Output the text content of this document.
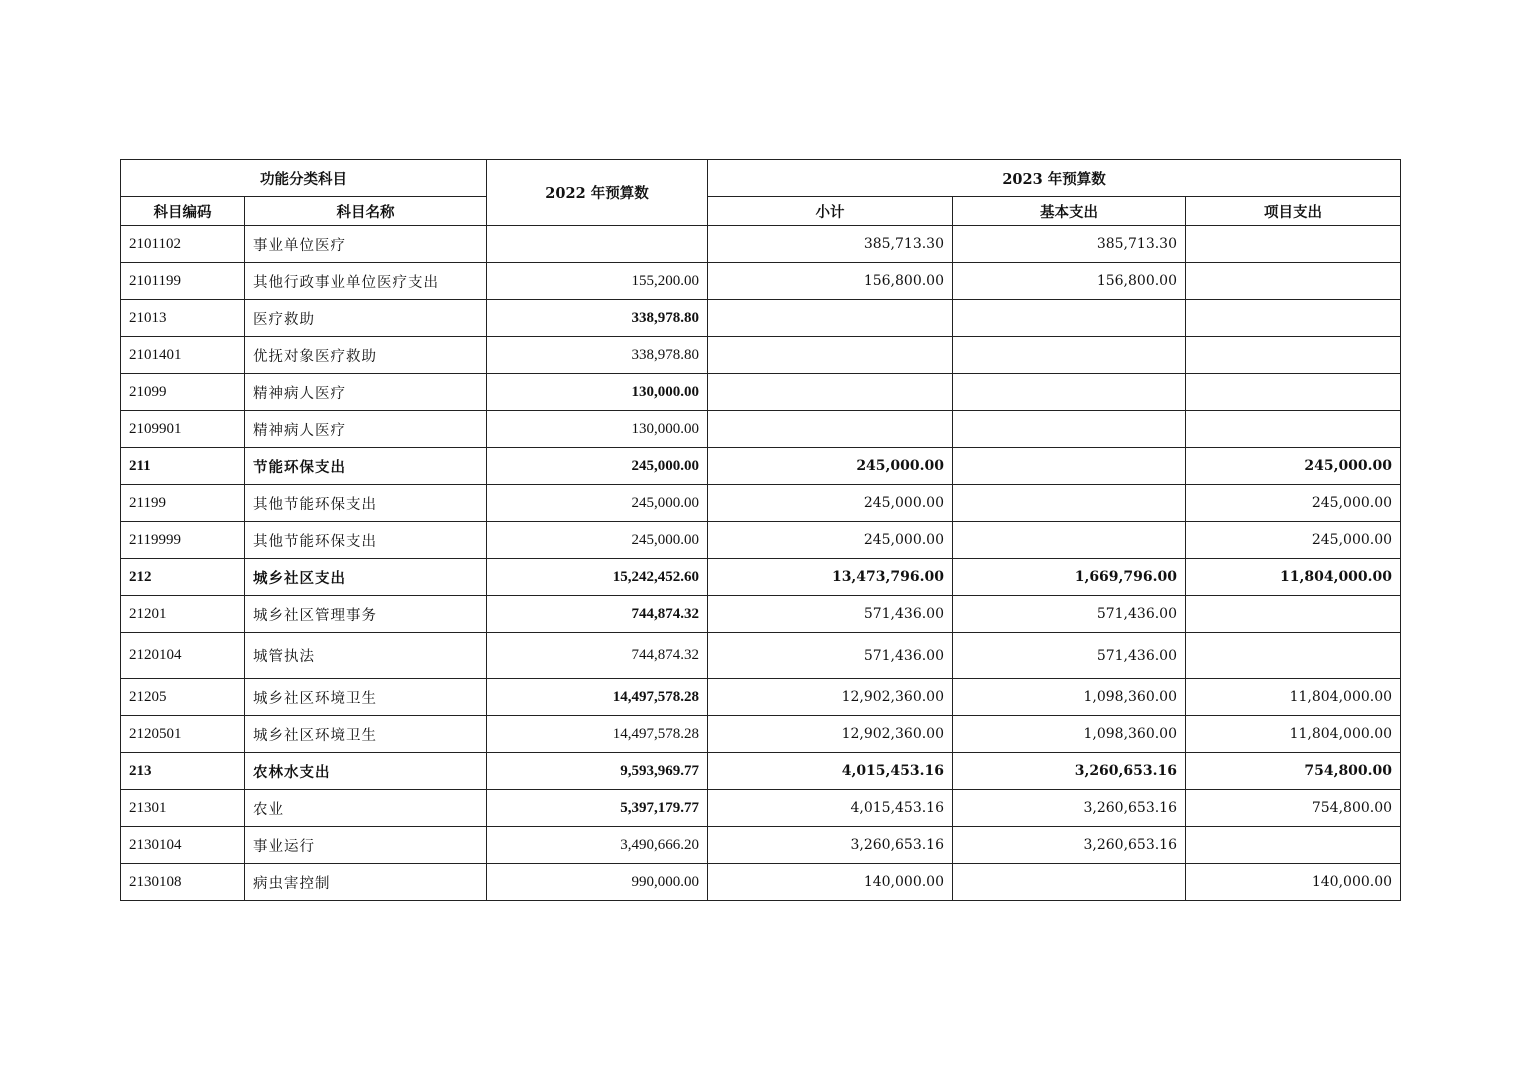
功能分类科目		2022 年预算数	2023 年预算数		
科目编码	科目名称		小计	基本支出	项目支出
2101102	事业单位医疗		385,713.30	385,713.30	
2101199	其他行政事业单位医疗支出	155,200.00	156,800.00	156,800.00	
21013	医疗救助	338,978.80			
2101401	优抚对象医疗救助	338,978.80			
21099	精神病人医疗	130,000.00			
2109901	精神病人医疗	130,000.00			
211	节能环保支出	245,000.00	245,000.00		245,000.00
21199	其他节能环保支出	245,000.00	245,000.00		245,000.00
2119999	其他节能环保支出	245,000.00	245,000.00		245,000.00
212	城乡社区支出	15,242,452.60	13,473,796.00	1,669,796.00	11,804,000.00
21201	城乡社区管理事务	744,874.32	571,436.00	571,436.00	
2120104	城管执法	744,874.32	571,436.00	571,436.00	
21205	城乡社区环境卫生	14,497,578.28	12,902,360.00	1,098,360.00	11,804,000.00
2120501	城乡社区环境卫生	14,497,578.28	12,902,360.00	1,098,360.00	11,804,000.00
213	农林水支出	9,593,969.77	4,015,453.16	3,260,653.16	754,800.00
21301	农业	5,397,179.77	4,015,453.16	3,260,653.16	754,800.00
2130104	事业运行	3,490,666.20	3,260,653.16	3,260,653.16	
2130108	病虫害控制	990,000.00	140,000.00		140,000.00
